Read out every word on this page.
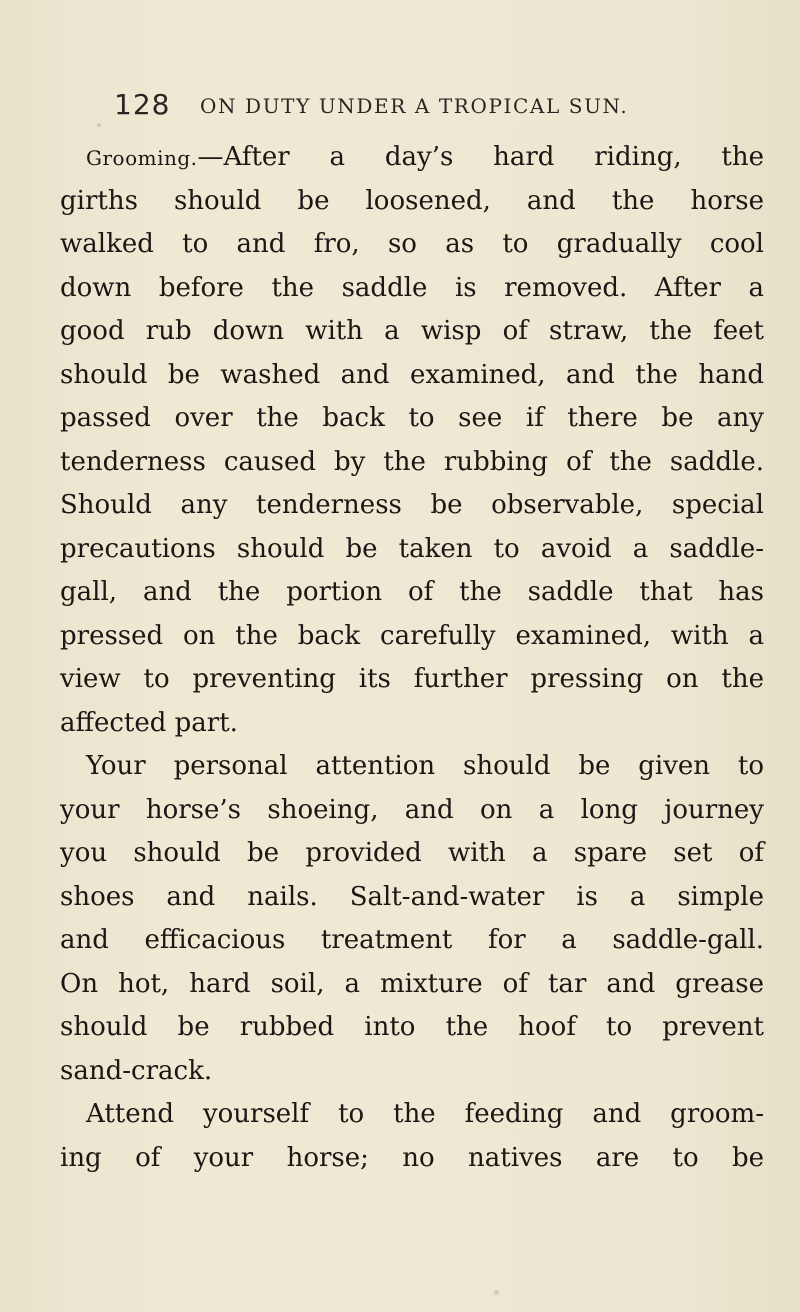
128 ON DUTY UNDER A TROPICAL SUN.
Grooming.—After a day’s hard riding, the
girths should be loosened, and the horse
walked to and fro, so as to gradually cool
down before the saddle is removed. After a
good rub down with a wisp of straw, the feet
should be washed and examined, and the hand
passed over the back to see if there be any
tenderness caused by the rubbing of the saddle.
Should any tenderness be observable, special
precautions should be taken to avoid a saddle-
gall, and the portion of the saddle that has
pressed on the back carefully examined, with a
view to preventing its further pressing on the
affected part.
Your personal attention should be given to
your horse’s shoeing, and on a long journey
you should be provided with a spare set of
shoes and nails. Salt-and-water is a simple
and efficacious treatment for a saddle-gall.
On hot, hard soil, a mixture of tar and grease
should be rubbed into the hoof to prevent
sand-crack.
Attend yourself to the feeding and groom-
ing of your horse; no natives are to be
